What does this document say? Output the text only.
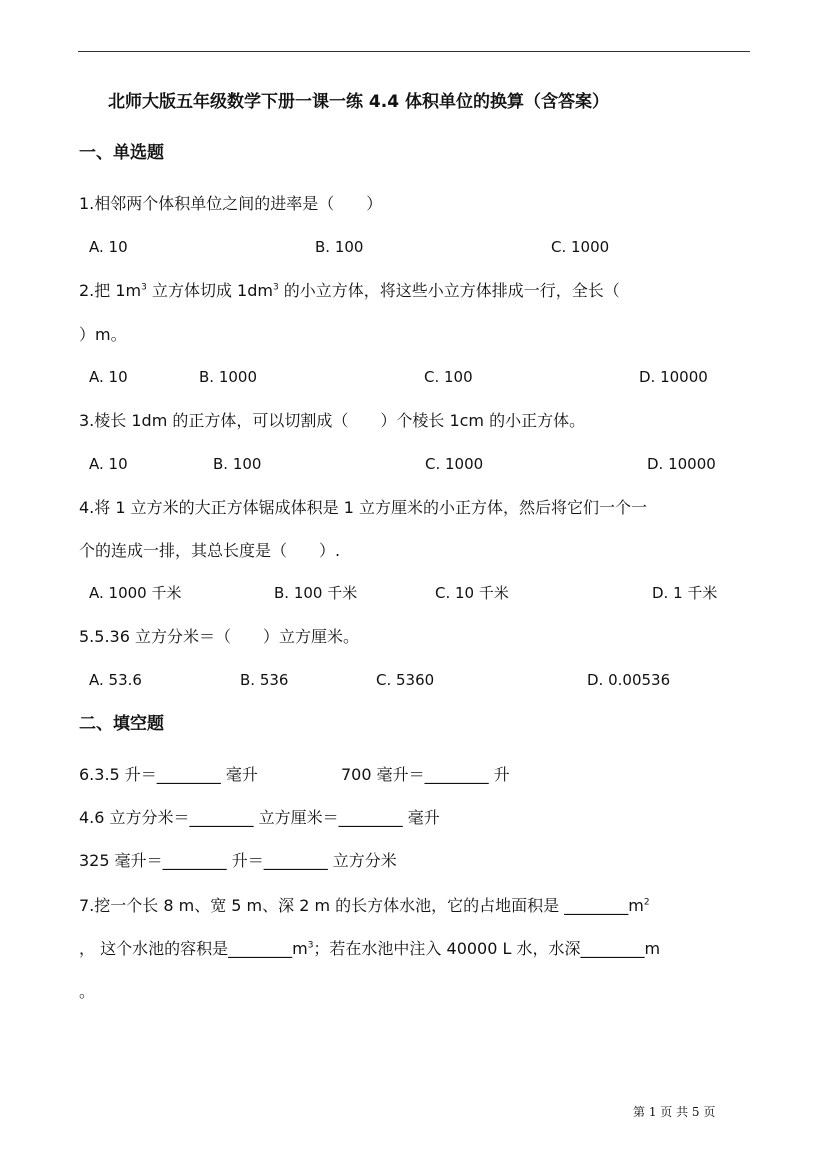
北师大版五年级数学下册一课一练 4.4 体积单位的换算（含答案）
一、单选题
1.相邻两个体积单位之间的进率是（　　）
A. 10	B. 100	C. 1000
2.把 $1m^3$ 立方体切成 $1dm^3$ 的小立方体，将这些小立方体排成一行，全长（
）m。
A. 10	B. 1000	C. 100	D. 10000
3.棱长 1dm 的正方体，可以切割成（　　）个棱长 1cm 的小正方体。
A. 10	B. 100	C. 1000	D. 10000
4.将 1 立方米的大正方体锯成体积是 1 立方厘米的小正方体，然后将它们一个一
个的连成一排，其总长度是（　　）.
A. 1000 千米	B. 100 千米	C. 10 千米	D. 1 千米
5.5.36 立方分米＝（　　）立方厘米。
A. 53.6	B. 536	C. 5360	D. 0.00536
二、填空题
6.3.5 升＝________ 毫升	700 毫升＝________ 升
4.6 立方分米＝________ 立方厘米＝________ 毫升
325 毫升＝________ 升＝________ 立方分米
7.挖一个长 8 m、宽 5 m、深 2 m 的长方体水池，它的占地面积是 $\_\_\_\_\_\_\_\_m^2$
， 这个水池的容积是$\_\_\_\_\_\_\_\_m^3$；若在水池中注入 40000 L 水，水深________m
。
第 1 页 共 5 页
